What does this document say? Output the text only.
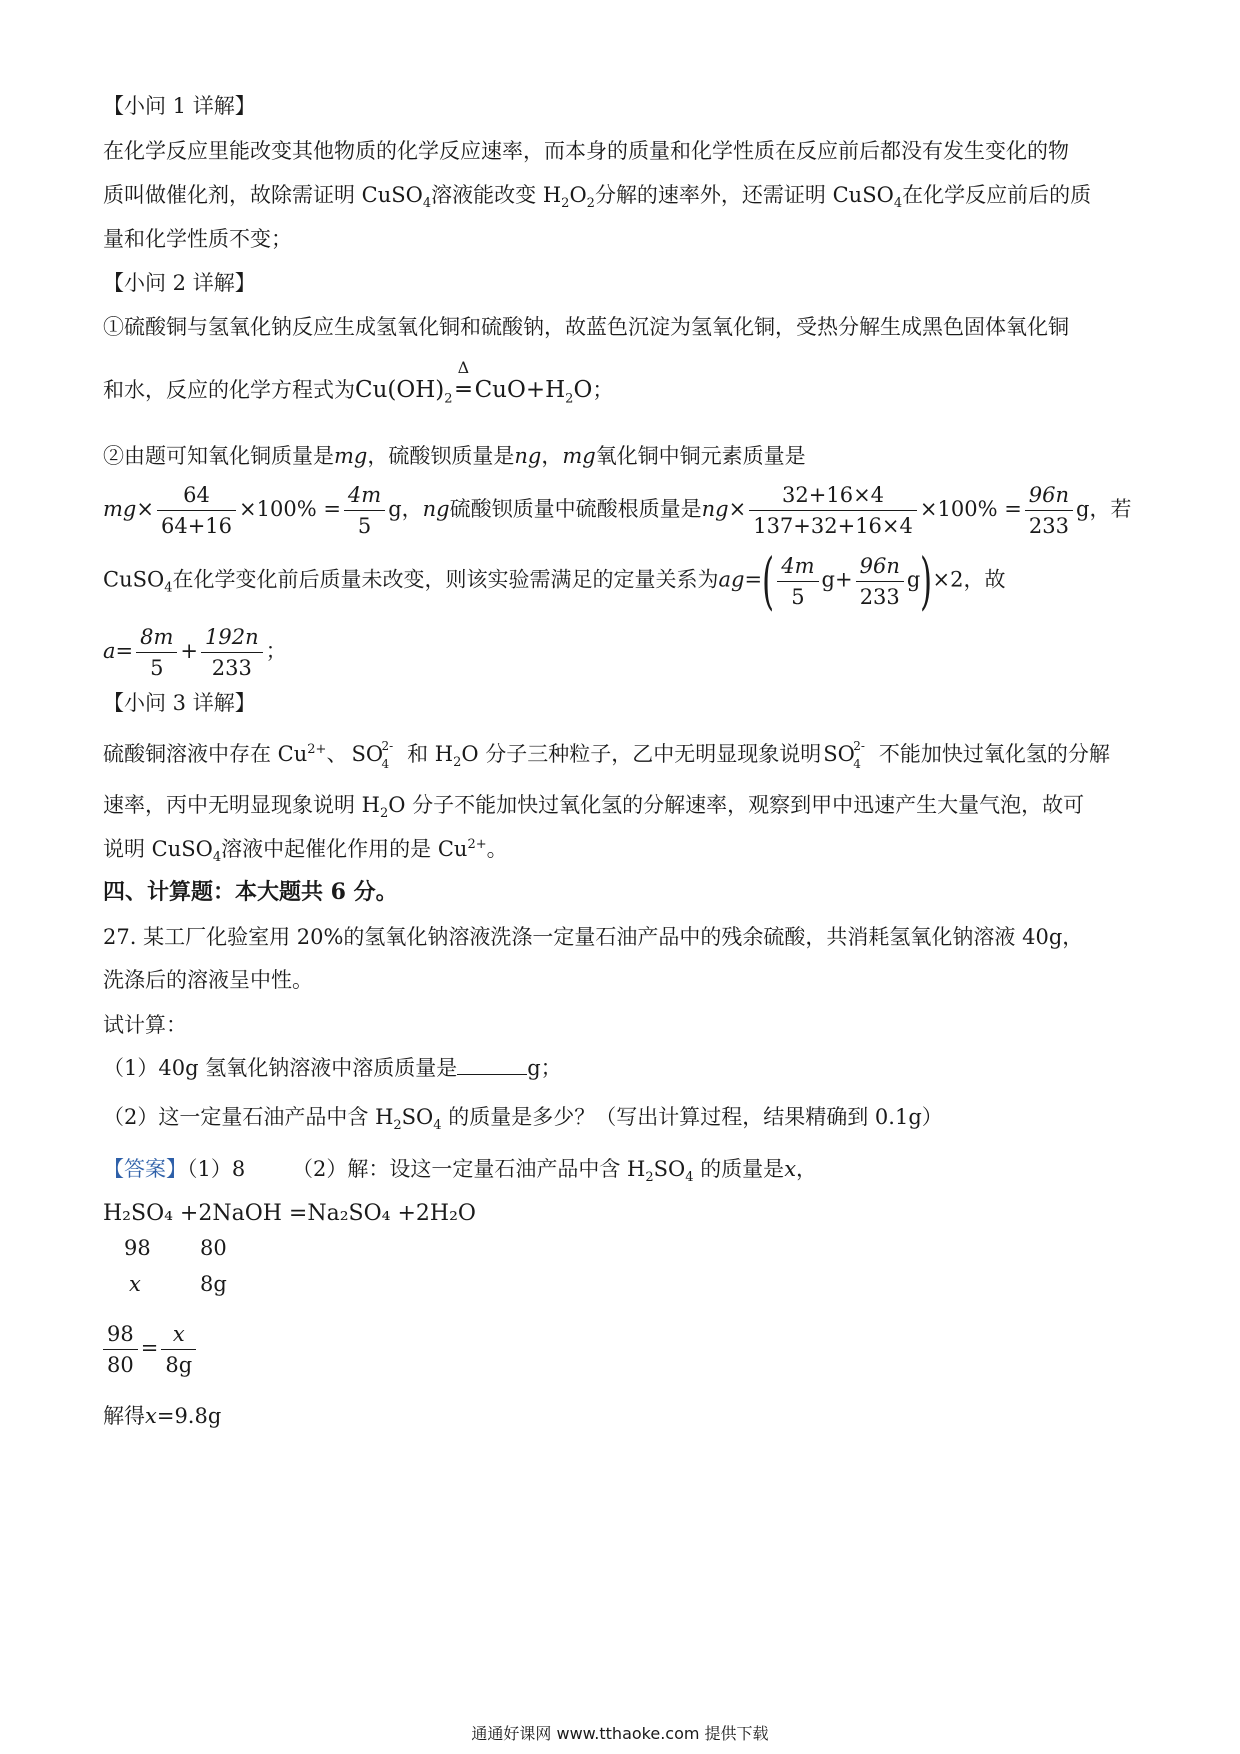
【小问 1 详解】
在化学反应里能改变其他物质的化学反应速率，而本身的质量和化学性质在反应前后都没有发生变化的物
质叫做催化剂，故除需证明 CuSO$_4$溶液能改变 $H_2O_2$分解的速率外，还需证明 CuSO$_4$在化学反应前后的质
量和化学性质不变；
【小问 2 详解】
①硫酸铜与氢氧化钠反应生成氢氧化铜和硫酸钠，故蓝色沉淀为氢氧化铜，受热分解生成黑色固体氧化铜
和水，反应的化学方程式为$Cu(OH)_2$
Δ
═ $CuO+H_2O$；
②由题可知氧化铜质量是mg，硫酸钡质量是ng，mg氧化铜中铜元素质量是
$mg\times \frac{64}{64+16} \times 100\% = \frac{4m}{5}$ g，ng硫酸钡质量中硫酸根质量是$ng\times \frac{32+16\times 4}{137+32+16\times 4} \times 100\% = \frac{96n}{233}$ g，若
CuSO$_4$在化学变化前后质量未改变，则该实验需满足的定量关系为$ag=( \frac{4m}{5} g+ \frac{96n}{233} g)\times 2$，故
$a= \frac{8m}{5} + \frac{192n}{233}$ ；
【小问 3 详解】
硫酸铜溶液中存在 $Cu^{2+}$、 SO
2-
4 和 $H_2O$ 分子三种粒子，乙中无明显现象说明SO
2-
4 不能加快过氧化氢的分解
速率，丙中无明显现象说明 $H_2O$ 分子不能加快过氧化氢的分解速率，观察到甲中迅速产生大量气泡，故可
说明 CuSO$_4$溶液中起催化作用的是 $Cu^{2+}$。
四、计算题：本大题共 6 分。
27. 某工厂化验室用 20%的氢氧化钠溶液洗涤一定量石油产品中的残余硫酸，共消耗氢氧化钠溶液 40g，
洗涤后的溶液呈中性。
试计算：
（1）40g 氢氧化钠溶液中溶质质量是	g；
（2）这一定量石油产品中含 $H_2SO_4$ 的质量是多少？（写出计算过程，结果精确到 0.1g）
【答案】（1）8 （2）解：设这一定量石油产品中含 $H_2SO_4$ 的质量是x，
H₂SO₄ +2NaOH =Na₂SO₄ +2H₂O
98 80
x	8g
$\frac{98}{80} = \frac{x}{8g}$
解得x=9.8g
通通好课网 www.tthaoke.com 提供下载
